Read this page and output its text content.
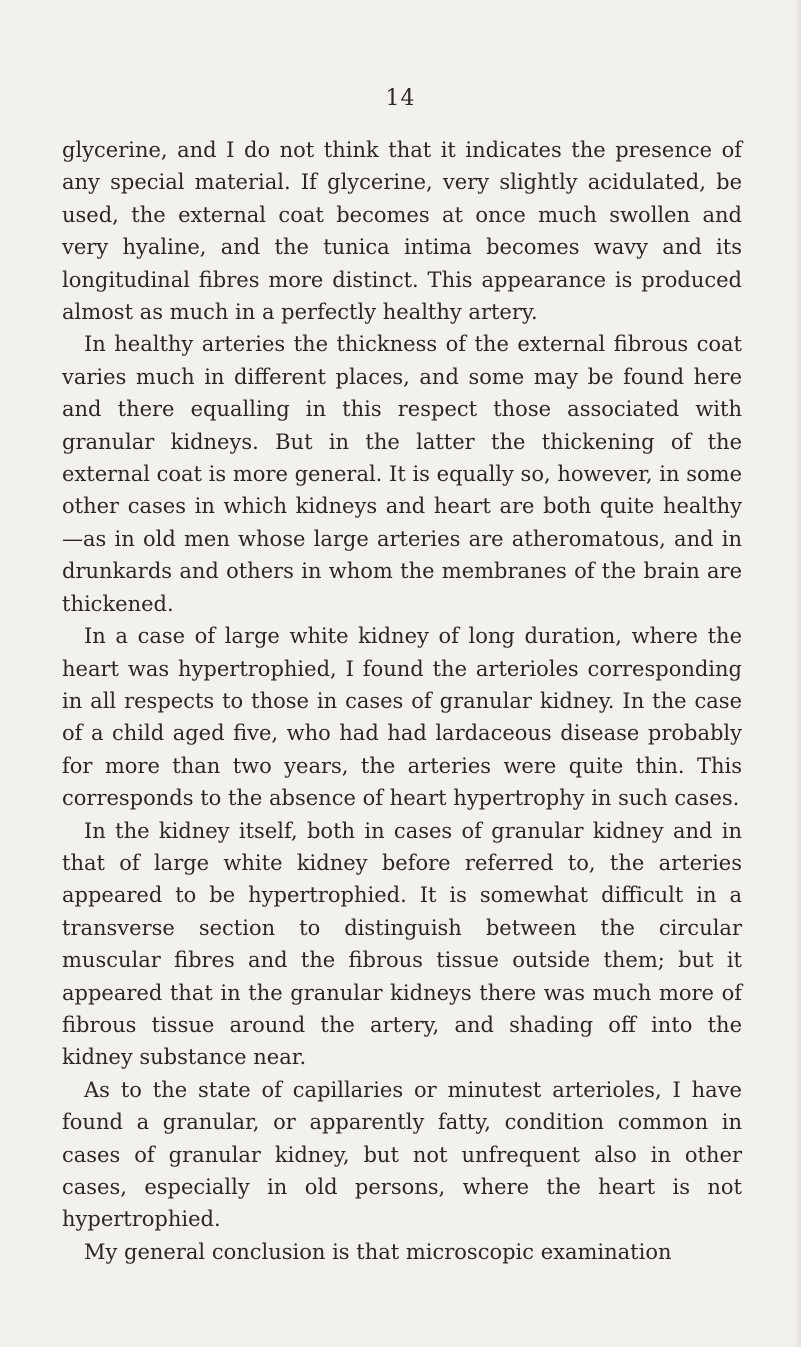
14

glycerine, and I do not think that it indicates the presence of any special material. If glycerine, very slightly acidulated, be used, the external coat becomes at once much swollen and very hyaline, and the tunica intima becomes wavy and its longitudinal fibres more distinct. This appearance is produced almost as much in a perfectly healthy artery.

In healthy arteries the thickness of the external fibrous coat varies much in different places, and some may be found here and there equalling in this respect those associated with granular kidneys. But in the latter the thickening of the external coat is more general. It is equally so, however, in some other cases in which kidneys and heart are both quite healthy—as in old men whose large arteries are atheromatous, and in drunkards and others in whom the membranes of the brain are thickened.

In a case of large white kidney of long duration, where the heart was hypertrophied, I found the arterioles corresponding in all respects to those in cases of granular kidney. In the case of a child aged five, who had had lardaceous disease probably for more than two years, the arteries were quite thin. This corresponds to the absence of heart hypertrophy in such cases.

In the kidney itself, both in cases of granular kidney and in that of large white kidney before referred to, the arteries appeared to be hypertrophied. It is somewhat difficult in a transverse section to distinguish between the circular muscular fibres and the fibrous tissue outside them; but it appeared that in the granular kidneys there was much more of fibrous tissue around the artery, and shading off into the kidney substance near.

As to the state of capillaries or minutest arterioles, I have found a granular, or apparently fatty, condition common in cases of granular kidney, but not unfrequent also in other cases, especially in old persons, where the heart is not hypertrophied.

My general conclusion is that microscopic examination
